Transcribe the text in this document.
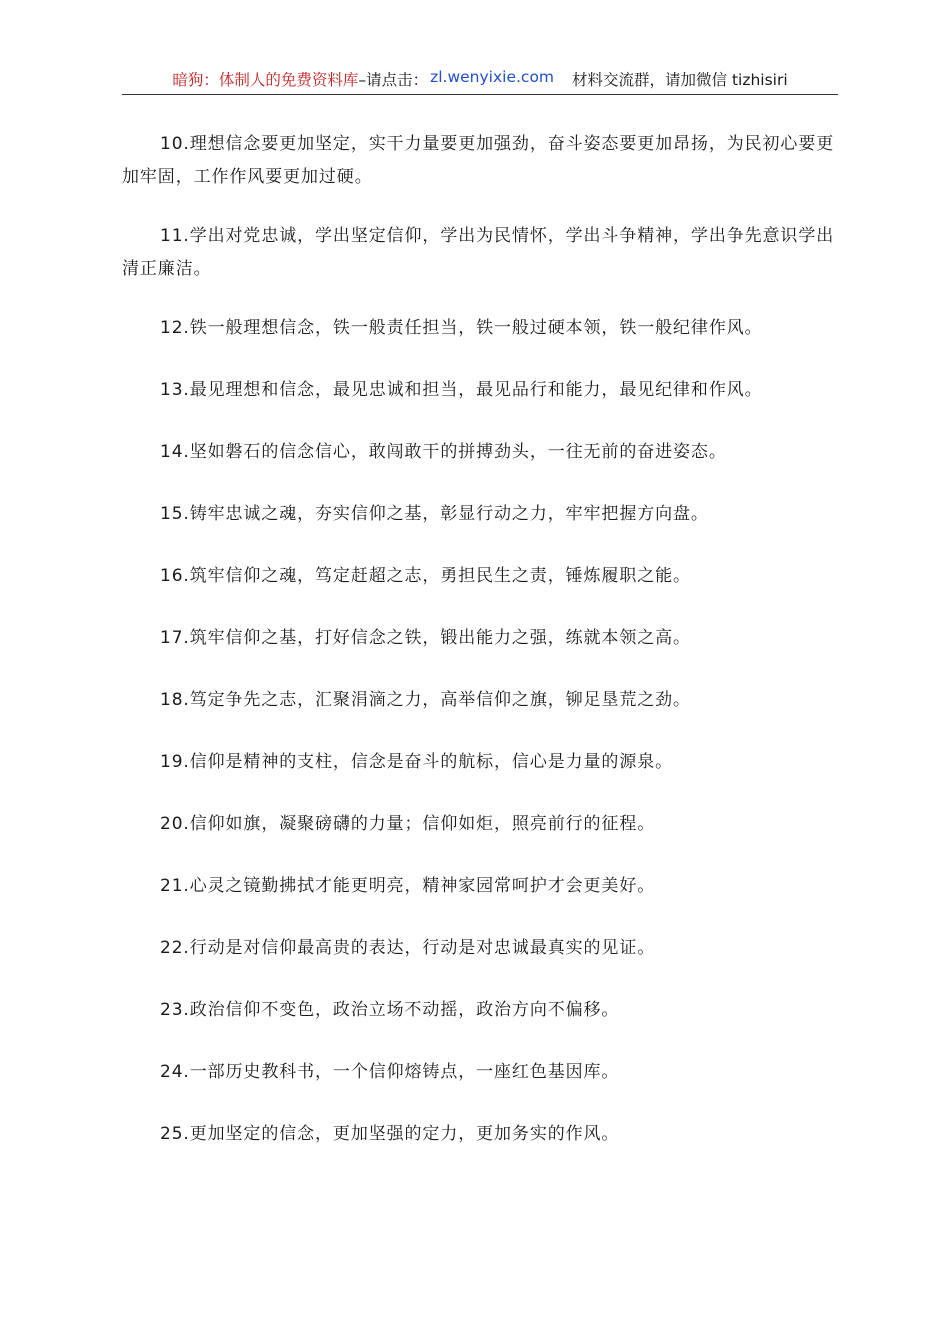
暗狗：体制人的免费资料库 –请点击： zl.wenyixie.com 材料交流群，请加微信 tizhisiri

10.理想信念要更加坚定，实干力量要更加强劲，奋斗姿态要更加昂扬，为民初心要更加牢固，工作作风要更加过硬。

11.学出对党忠诚，学出坚定信仰，学出为民情怀，学出斗争精神，学出争先意识学出清正廉洁。

12.铁一般理想信念，铁一般责任担当，铁一般过硬本领，铁一般纪律作风。

13.最见理想和信念，最见忠诚和担当，最见品行和能力，最见纪律和作风。

14.坚如磐石的信念信心，敢闯敢干的拼搏劲头，一往无前的奋进姿态。

15.铸牢忠诚之魂，夯实信仰之基，彰显行动之力，牢牢把握方向盘。

16.筑牢信仰之魂，笃定赶超之志，勇担民生之责，锤炼履职之能。

17.筑牢信仰之基，打好信念之铁，锻出能力之强，练就本领之高。

18.笃定争先之志，汇聚涓滴之力，高举信仰之旗，铆足垦荒之劲。

19.信仰是精神的支柱，信念是奋斗的航标，信心是力量的源泉。

20.信仰如旗，凝聚磅礴的力量；信仰如炬，照亮前行的征程。

21.心灵之镜勤拂拭才能更明亮，精神家园常呵护才会更美好。

22.行动是对信仰最高贵的表达，行动是对忠诚最真实的见证。

23.政治信仰不变色，政治立场不动摇，政治方向不偏移。

24.一部历史教科书，一个信仰熔铸点，一座红色基因库。

25.更加坚定的信念，更加坚强的定力，更加务实的作风。
